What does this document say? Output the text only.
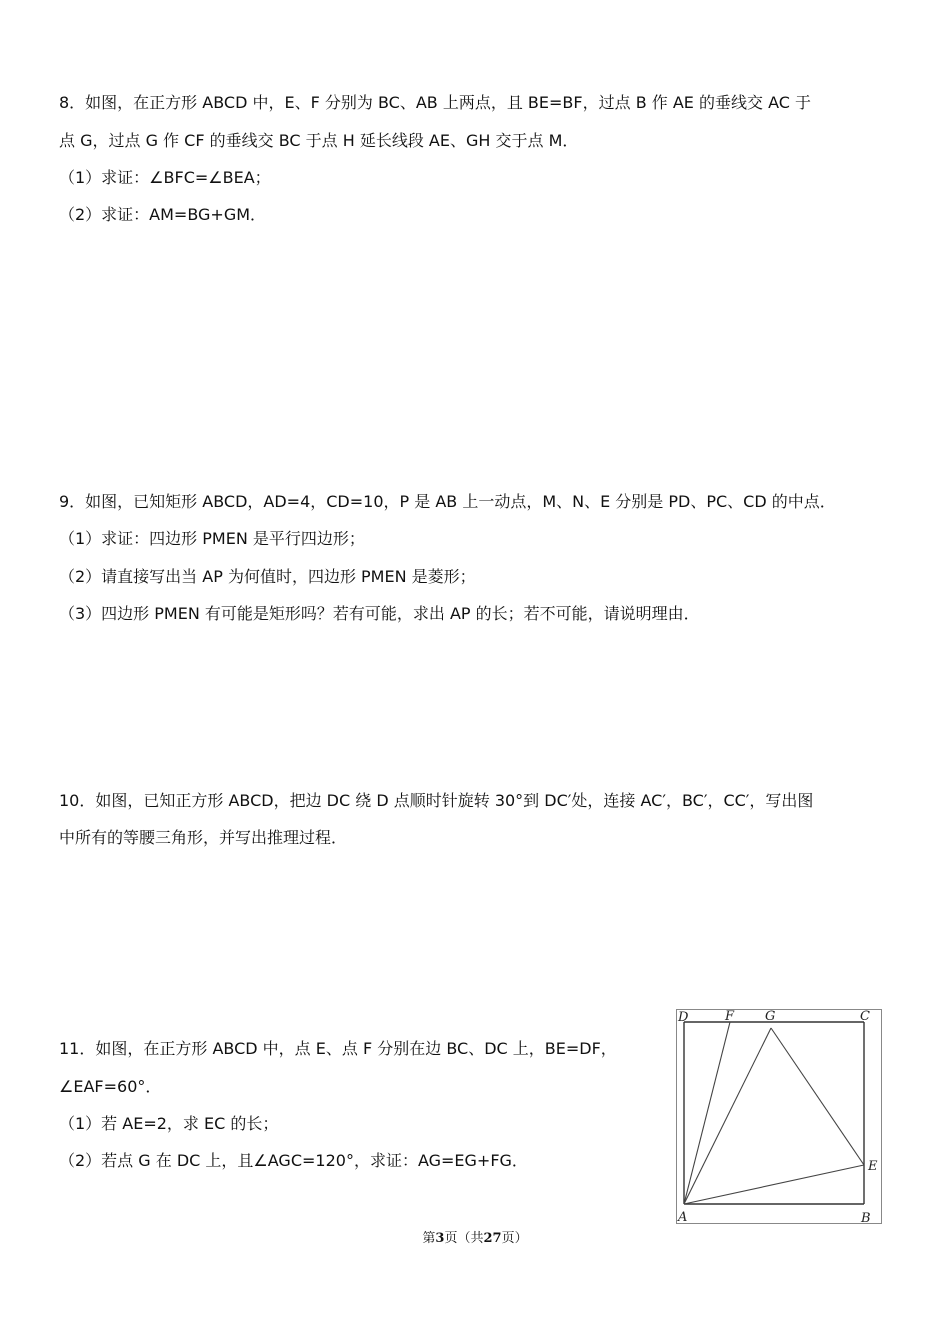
8．如图，在正方形 ABCD 中，E、F 分别为 BC、AB 上两点，且 BE=BF，过点 B 作 AE 的垂线交 AC 于
点 G，过点 G 作 CF 的垂线交 BC 于点 H 延长线段 AE、GH 交于点 M．
（1）求证：∠BFC=∠BEA；
（2）求证：AM=BG+GM．
9．如图，已知矩形 ABCD，AD=4，CD=10，P 是 AB 上一动点，M、N、E 分别是 PD、PC、CD 的中点．
（1）求证：四边形 PMEN 是平行四边形；
（2）请直接写出当 AP 为何值时，四边形 PMEN 是菱形；
（3）四边形 PMEN 有可能是矩形吗？若有可能，求出 AP 的长；若不可能，请说明理由．
10．如图，已知正方形 ABCD，把边 DC 绕 D 点顺时针旋转 30°到 DC′处，连接 AC′，BC′，CC′，写出图
中所有的等腰三角形，并写出推理过程．
11．如图，在正方形 ABCD 中，点 E、点 F 分别在边 BC、DC 上，BE=DF，
∠EAF=60°．
（1）若 AE=2，求 EC 的长；
（2）若点 G 在 DC 上，且∠AGC=120°，求证：AG=EG+FG．
D	F G	C
E
A	B
第3页（共27页）
